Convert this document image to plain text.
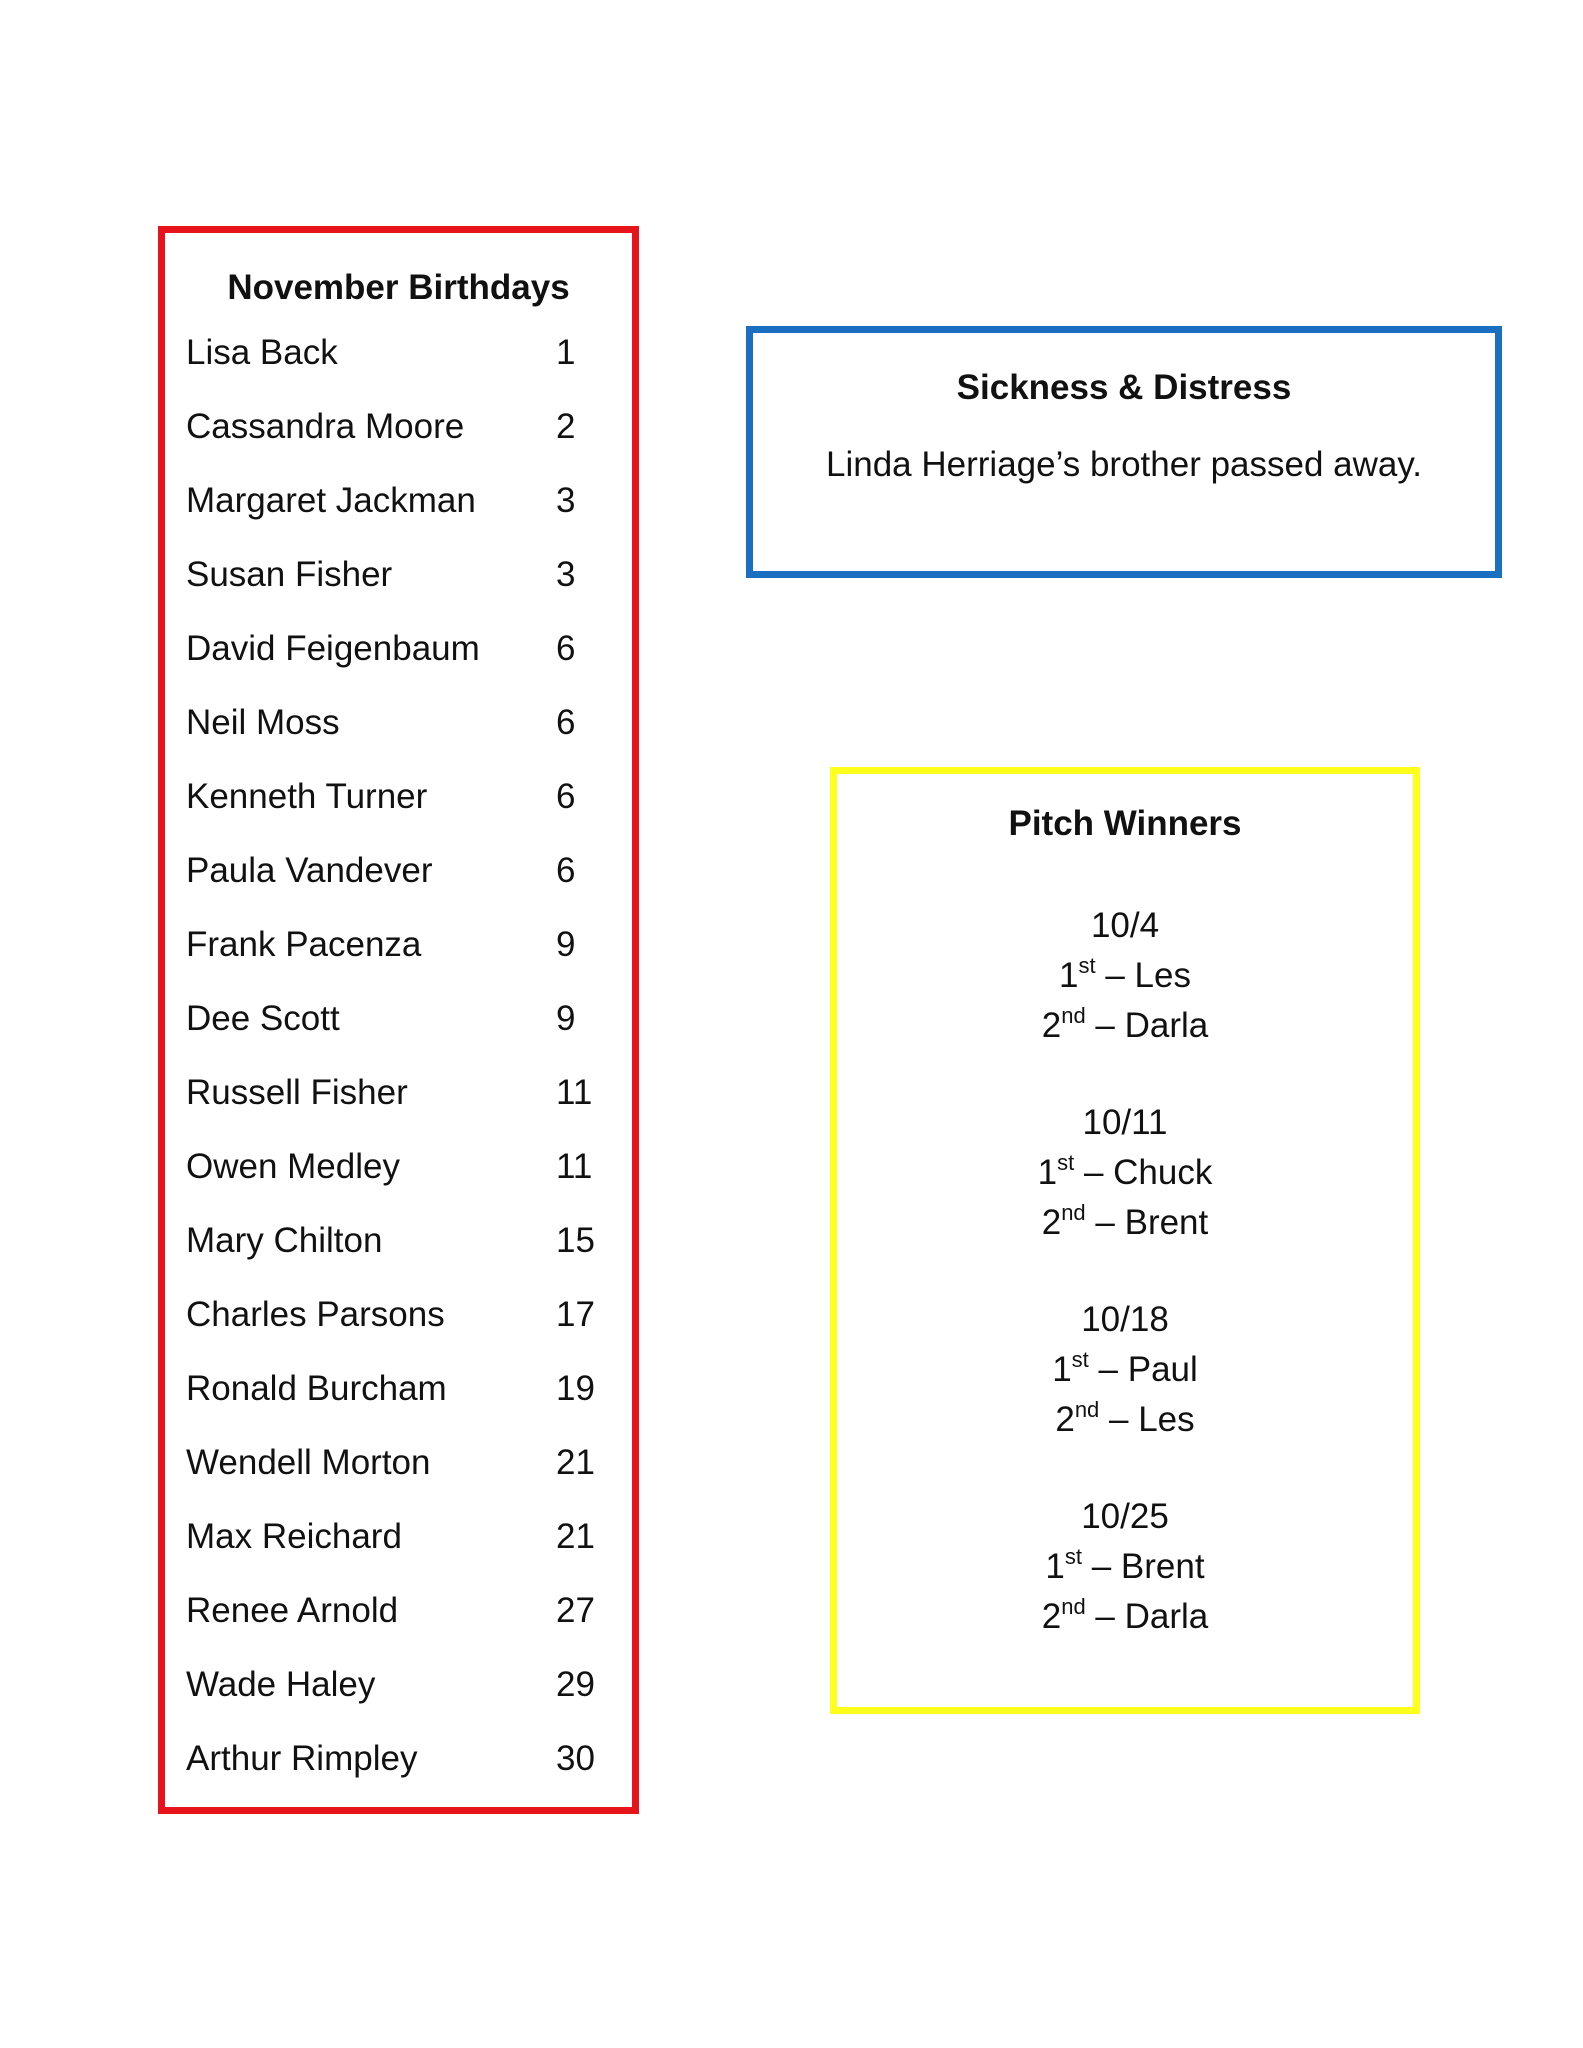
November Birthdays
Lisa Back	1
Cassandra Moore	2
Margaret Jackman 3
Susan Fisher	3
David Feigenbaum 6
Neil Moss	6
Kenneth Turner	6
Paula Vandever	6
Frank Pacenza	9
Dee Scott	9
Russell Fisher	11
Owen Medley	11
Mary Chilton	15
Charles Parsons	17
Ronald Burcham	19
Wendell Morton	21
Max Reichard	21
Renee Arnold	27
Wade Haley	29
Arthur Rimpley	30
Sickness & Distress
Linda Herriage’s brother passed away.
Pitch Winners
10/4
1st – Les
2nd – Darla
10/11
1st – Chuck
2nd – Brent
10/18
1st – Paul
2nd – Les
10/25
1st – Brent
2nd – Darla
